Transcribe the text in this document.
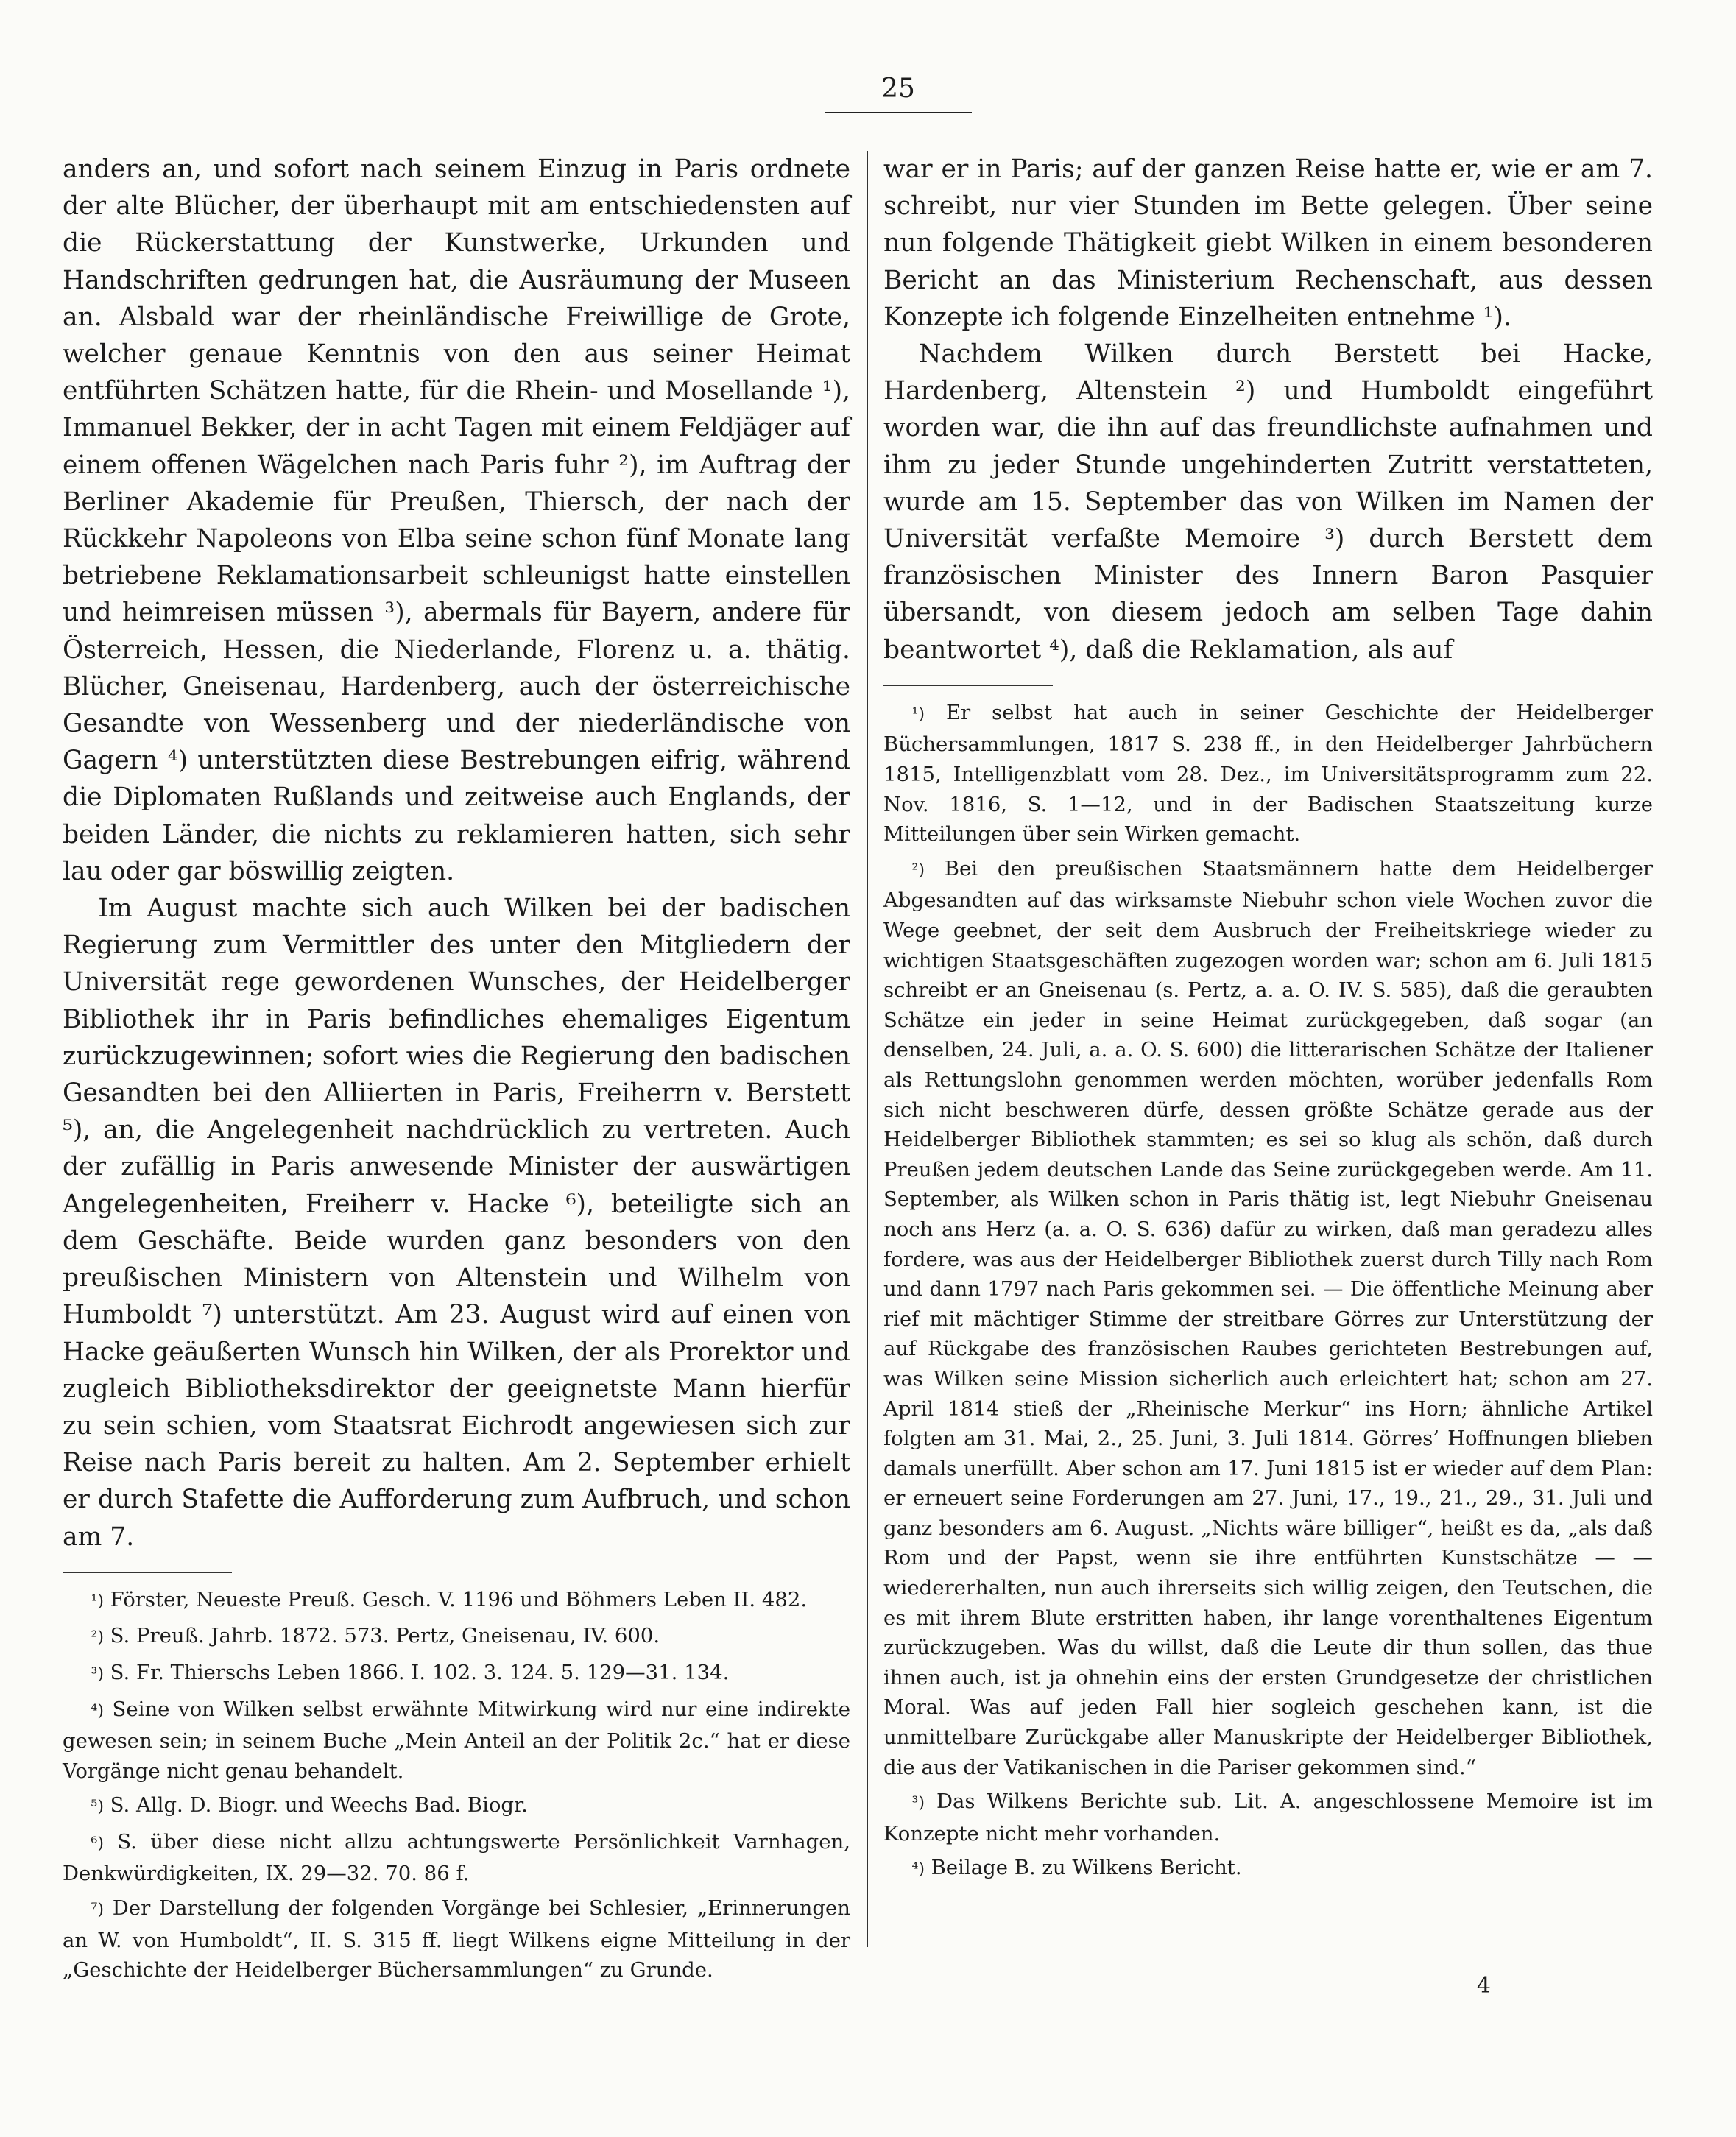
25

anders an, und sofort nach seinem Einzug in Paris ordnete der alte Blücher, der überhaupt mit am entschiedensten auf die Rückerstattung der Kunstwerke, Urkunden und Handschriften gedrungen hat, die Ausräumung der Museen an. Alsbald war der rheinländische Freiwillige de Grote, welcher genaue Kenntnis von den aus seiner Heimat entführten Schätzen hatte, für die Rhein- und Mosellande ¹), Immanuel Bekker, der in acht Tagen mit einem Feldjäger auf einem offenen Wägelchen nach Paris fuhr ²), im Auftrag der Berliner Akademie für Preußen, Thiersch, der nach der Rückkehr Napoleons von Elba seine schon fünf Monate lang betriebene Reklamationsarbeit schleunigst hatte einstellen und heimreisen müssen ³), abermals für Bayern, andere für Österreich, Hessen, die Niederlande, Florenz u. a. thätig. Blücher, Gneisenau, Hardenberg, auch der österreichische Gesandte von Wessenberg und der niederländische von Gagern ⁴) unterstützten diese Bestrebungen eifrig, während die Diplomaten Rußlands und zeitweise auch Englands, der beiden Länder, die nichts zu reklamieren hatten, sich sehr lau oder gar böswillig zeigten.

Im August machte sich auch Wilken bei der badischen Regierung zum Vermittler des unter den Mitgliedern der Universität rege gewordenen Wunsches, der Heidelberger Bibliothek ihr in Paris befindliches ehemaliges Eigentum zurückzugewinnen; sofort wies die Regierung den badischen Gesandten bei den Alliierten in Paris, Freiherrn v. Berstett ⁵), an, die Angelegenheit nachdrücklich zu vertreten. Auch der zufällig in Paris anwesende Minister der auswärtigen Angelegenheiten, Freiherr v. Hacke ⁶), beteiligte sich an dem Geschäfte. Beide wurden ganz besonders von den preußischen Ministern von Altenstein und Wilhelm von Humboldt ⁷) unterstützt. Am 23. August wird auf einen von Hacke geäußerten Wunsch hin Wilken, der als Prorektor und zugleich Bibliotheksdirektor der geeignetste Mann hierfür zu sein schien, vom Staatsrat Eichrodt angewiesen sich zur Reise nach Paris bereit zu halten. Am 2. September erhielt er durch Stafette die Aufforderung zum Aufbruch, und schon am 7.

¹) Förster, Neueste Preuß. Gesch. V. 1196 und Böhmers Leben II. 482.

²) S. Preuß. Jahrb. 1872. 573. Pertz, Gneisenau, IV. 600.

³) S. Fr. Thierschs Leben 1866. I. 102. 3. 124. 5. 129—31. 134.

⁴) Seine von Wilken selbst erwähnte Mitwirkung wird nur eine indirekte gewesen sein; in seinem Buche „Mein Anteil an der Politik 2c.“ hat er diese Vorgänge nicht genau behandelt.

⁵) S. Allg. D. Biogr. und Weechs Bad. Biogr.

⁶) S. über diese nicht allzu achtungswerte Persönlichkeit Varnhagen, Denkwürdigkeiten, IX. 29—32. 70. 86 f.

⁷) Der Darstellung der folgenden Vorgänge bei Schlesier, „Erinnerungen an W. von Humboldt“, II. S. 315 ff. liegt Wilkens eigne Mitteilung in der „Geschichte der Heidelberger Büchersammlungen“ zu Grunde.

war er in Paris; auf der ganzen Reise hatte er, wie er am 7. schreibt, nur vier Stunden im Bette gelegen. Über seine nun folgende Thätigkeit giebt Wilken in einem besonderen Bericht an das Ministerium Rechenschaft, aus dessen Konzepte ich folgende Einzelheiten entnehme ¹).

Nachdem Wilken durch Berstett bei Hacke, Hardenberg, Altenstein ²) und Humboldt eingeführt worden war, die ihn auf das freundlichste aufnahmen und ihm zu jeder Stunde ungehinderten Zutritt verstatteten, wurde am 15. September das von Wilken im Namen der Universität verfaßte Memoire ³) durch Berstett dem französischen Minister des Innern Baron Pasquier übersandt, von diesem jedoch am selben Tage dahin beantwortet ⁴), daß die Reklamation, als auf

¹) Er selbst hat auch in seiner Geschichte der Heidelberger Büchersammlungen, 1817 S. 238 ff., in den Heidelberger Jahrbüchern 1815, Intelligenzblatt vom 28. Dez., im Universitätsprogramm zum 22. Nov. 1816, S. 1—12, und in der Badischen Staatszeitung kurze Mitteilungen über sein Wirken gemacht.

²) Bei den preußischen Staatsmännern hatte dem Heidelberger Abgesandten auf das wirksamste Niebuhr schon viele Wochen zuvor die Wege geebnet, der seit dem Ausbruch der Freiheitskriege wieder zu wichtigen Staatsgeschäften zugezogen worden war; schon am 6. Juli 1815 schreibt er an Gneisenau (s. Pertz, a. a. O. IV. S. 585), daß die geraubten Schätze ein jeder in seine Heimat zurückgegeben, daß sogar (an denselben, 24. Juli, a. a. O. S. 600) die litterarischen Schätze der Italiener als Rettungslohn genommen werden möchten, worüber jedenfalls Rom sich nicht beschweren dürfe, dessen größte Schätze gerade aus der Heidelberger Bibliothek stammten; es sei so klug als schön, daß durch Preußen jedem deutschen Lande das Seine zurückgegeben werde. Am 11. September, als Wilken schon in Paris thätig ist, legt Niebuhr Gneisenau noch ans Herz (a. a. O. S. 636) dafür zu wirken, daß man geradezu alles fordere, was aus der Heidelberger Bibliothek zuerst durch Tilly nach Rom und dann 1797 nach Paris gekommen sei. — Die öffentliche Meinung aber rief mit mächtiger Stimme der streitbare Görres zur Unterstützung der auf Rückgabe des französischen Raubes gerichteten Bestrebungen auf, was Wilken seine Mission sicherlich auch erleichtert hat; schon am 27. April 1814 stieß der „Rheinische Merkur“ ins Horn; ähnliche Artikel folgten am 31. Mai, 2., 25. Juni, 3. Juli 1814. Görres’ Hoffnungen blieben damals unerfüllt. Aber schon am 17. Juni 1815 ist er wieder auf dem Plan: er erneuert seine Forderungen am 27. Juni, 17., 19., 21., 29., 31. Juli und ganz besonders am 6. August. „Nichts wäre billiger“, heißt es da, „als daß Rom und der Papst, wenn sie ihre entführten Kunstschätze — — wiedererhalten, nun auch ihrerseits sich willig zeigen, den Teutschen, die es mit ihrem Blute erstritten haben, ihr lange vorenthaltenes Eigentum zurückzugeben. Was du willst, daß die Leute dir thun sollen, das thue ihnen auch, ist ja ohnehin eins der ersten Grundgesetze der christlichen Moral. Was auf jeden Fall hier sogleich geschehen kann, ist die unmittelbare Zurückgabe aller Manuskripte der Heidelberger Bibliothek, die aus der Vatikanischen in die Pariser gekommen sind.“

³) Das Wilkens Berichte sub. Lit. A. angeschlossene Memoire ist im Konzepte nicht mehr vorhanden.

⁴) Beilage B. zu Wilkens Bericht.

4
